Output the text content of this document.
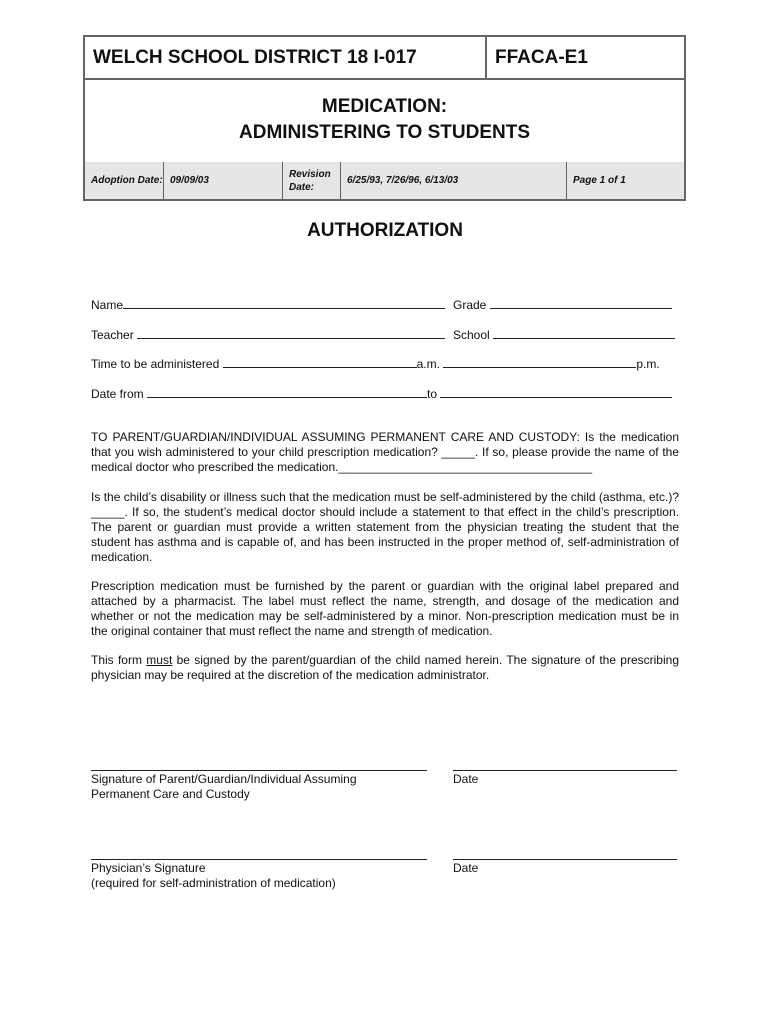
WELCH SCHOOL DISTRICT 18 I-017	FFACA-E1
MEDICATION:
ADMINISTERING TO STUDENTS
Adoption Date: 09/09/03
Revision
Date:
6/25/93, 7/26/96, 6/13/03	Page 1 of 1
AUTHORIZATION
Name	Grade
Teacher	School
Time to be administered	a.m.	p.m.
Date from	to
TO PARENT/GUARDIAN/INDIVIDUAL ASSUMING PERMANENT CARE AND CUSTODY: Is the medication that you wish administered to your child prescription medication? _____. If so, please provide the name of the medical doctor who prescribed the medication.______________________________________
Is the child’s disability or illness such that the medication must be self-administered by the child (asthma, etc.)?_____. If so, the student’s medical doctor should include a statement to that effect in the child’s prescription. The parent or guardian must provide a written statement from the physician treating the student that the student has asthma and is capable of, and has been instructed in the proper method of, self-administration of medication.
Prescription medication must be furnished by the parent or guardian with the original label prepared and attached by a pharmacist. The label must reflect the name, strength, and dosage of the medication and whether or not the medication may be self-administered by a minor. Non-prescription medication must be in the original container that must reflect the name and strength of medication.
This form must be signed by the parent/guardian of the child named herein. The signature of the prescribing physician may be required at the discretion of the medication administrator.
Signature of Parent/Guardian/Individual Assuming
Permanent Care and Custody
Date
Physician’s Signature
(required for self-administration of medication)
Date
